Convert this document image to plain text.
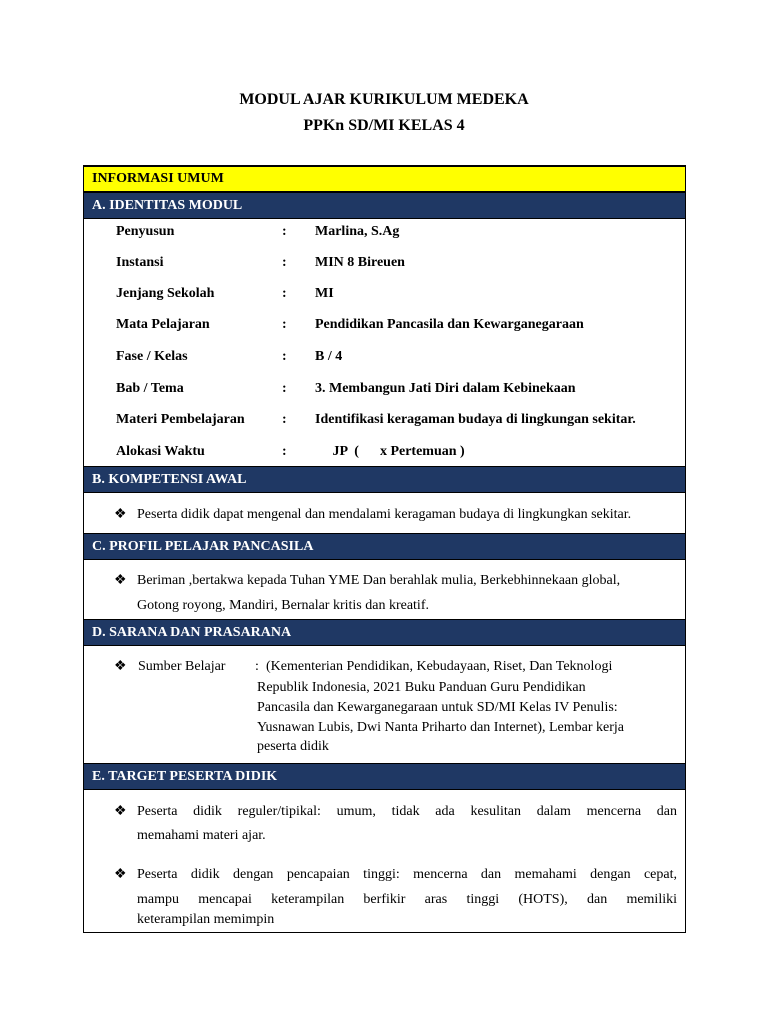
MODUL AJAR KURIKULUM MEDEKA
PPKn SD/MI KELAS 4
INFORMASI UMUM
A. IDENTITAS MODUL
Penyusun	: Marlina, S.Ag
Instansi	: MIN 8 Bireuen
Jenjang Sekolah	: MI
Mata Pelajaran	: Pendidikan Pancasila dan Kewarganegaraan
Fase / Kelas	: B / 4
Bab / Tema	: 3. Membangun Jati Diri dalam Kebinekaan
Materi Pembelajaran	: Identifikasi keragaman budaya di lingkungan sekitar.
Alokasi Waktu	: JP  (      x Pertemuan )
B. KOMPETENSI AWAL
❖ Peserta didik dapat mengenal dan mendalami keragaman budaya di lingkungkan sekitar.
C. PROFIL PELAJAR PANCASILA
❖ Beriman ,bertakwa kepada Tuhan YME Dan berahlak mulia, Berkebhinnekaan global,
Gotong royong, Mandiri, Bernalar kritis dan kreatif.
D. SARANA DAN PRASARANA
❖ Sumber Belajar : (Kementerian Pendidikan, Kebudayaan, Riset, Dan Teknologi
Republik Indonesia, 2021 Buku Panduan Guru Pendidikan
Pancasila dan Kewarganegaraan untuk SD/MI Kelas IV Penulis:
Yusnawan Lubis, Dwi Nanta Priharto dan Internet), Lembar kerja
peserta didik
E. TARGET PESERTA DIDIK
❖ Peserta didik reguler/tipikal: umum, tidak ada kesulitan dalam mencerna dan
memahami materi ajar.
❖ Peserta didik dengan pencapaian tinggi: mencerna dan memahami dengan cepat,
mampu mencapai keterampilan berfikir aras tinggi (HOTS), dan memiliki
keterampilan memimpin
